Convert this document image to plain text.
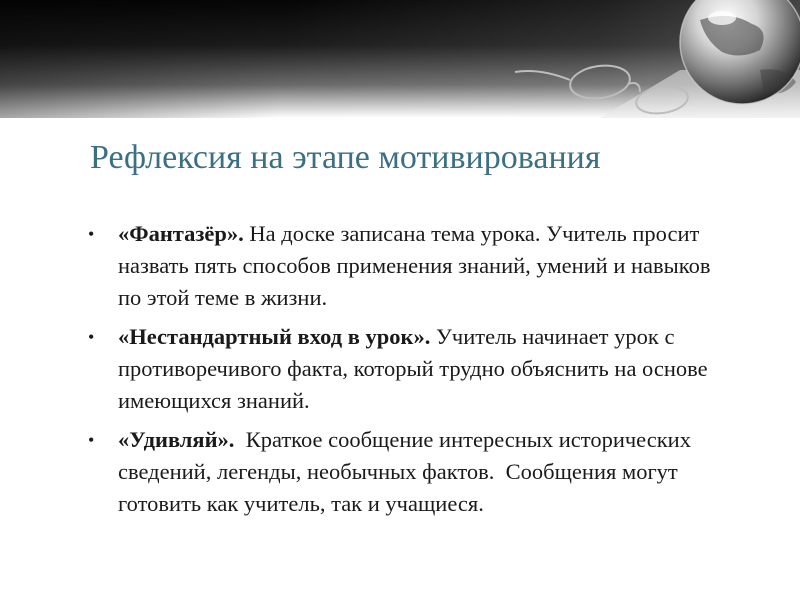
Рефлексия на этапе мотивирования
• «Фантазёр». На доске записана тема урока. Учитель просит назвать пять способов применения знаний, умений и навыков по этой теме в жизни.
• «Нестандартный вход в урок». Учитель начинает урок с противоречивого факта, который трудно объяснить на основе имеющихся знаний.
• «Удивляй».  Краткое сообщение интересных исторических сведений, легенды, необычных фактов.  Сообщения могут готовить как учитель, так и учащиеся.
